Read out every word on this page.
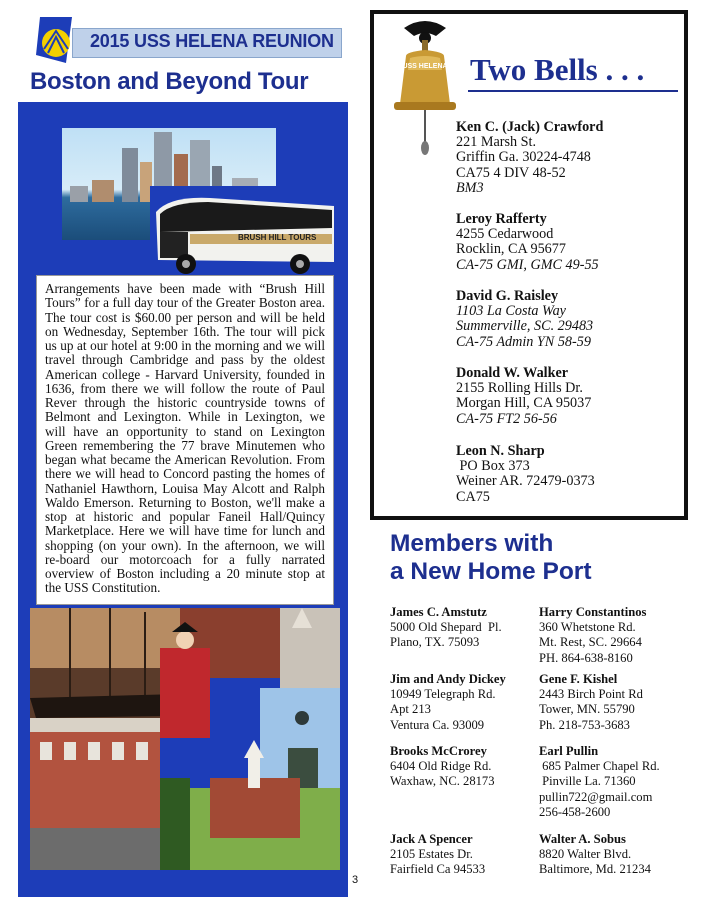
2015 USS HELENA REUNION
Boston and Beyond Tour
BRUSH HILL TOURS

Arrangements have been made with “Brush Hill Tours” for a full day tour of the Greater Boston area. The tour cost is $60.00 per person and will be held on Wednesday, September 16th. The tour will pick us up at our hotel at 9:00 in the morning and we will travel through Cambridge and pass by the oldest American college - Harvard University, founded in 1636, from there we will follow the route of Paul Rever through the historic countryside towns of Belmont and Lexington. While in Lexington, we will have an opportunity to stand on Lexington Green remembering the 77 brave Minutemen who began what became the American Revolution. From there we will head to Concord pasting the homes of Nathaniel Hawthorn, Louisa May Alcott and Ralph Waldo Emerson. Returning to Boston, we'll make a stop at historic and popular Faneil Hall/Quincy Marketplace. Here we will have time for lunch and shopping (on your own). In the afternoon, we will re-board our motorcoach for a fully narrated overview of Boston including a 20 minute stop at the USS Constitution.

3
USS HELENA Two Bells . . .
Ken C. (Jack) Crawford
221 Marsh St.
Griffin Ga. 30224-4748
CA75 4 DIV 48-52
BM3
Leroy Rafferty
4255 Cedarwood
Rocklin, CA 95677
CA-75 GMI, GMC 49-55
David G. Raisley
1103 La Costa Way
Summerville, SC. 29483
CA-75 Admin YN 58-59
Donald W. Walker
2155 Rolling Hills Dr.
Morgan Hill, CA 95037
CA-75 FT2 56-56
Leon N. Sharp
PO Box 373
Weiner AR. 72479-0373
CA75
Members with
a New Home Port
James C. Amstutz
5000 Old Shepard  Pl.
Plano, TX. 75093
Jim and Andy Dickey
10949 Telegraph Rd.
Apt 213
Ventura Ca. 93009
Brooks McCrorey
6404 Old Ridge Rd.
Waxhaw, NC. 28173
Jack A Spencer
2105 Estates Dr.
Fairfield Ca 94533
Harry Constantinos
360 Whetstone Rd.
Mt. Rest, SC. 29664
PH. 864-638-8160
Gene F. Kishel
2443 Birch Point Rd
Tower, MN. 55790
Ph. 218-753-3683
Earl Pullin
685 Palmer Chapel Rd.
Pinville La. 71360
pullin722@gmail.com
256-458-2600
Walter A. Sobus
8820 Walter Blvd.
Baltimore, Md. 21234
